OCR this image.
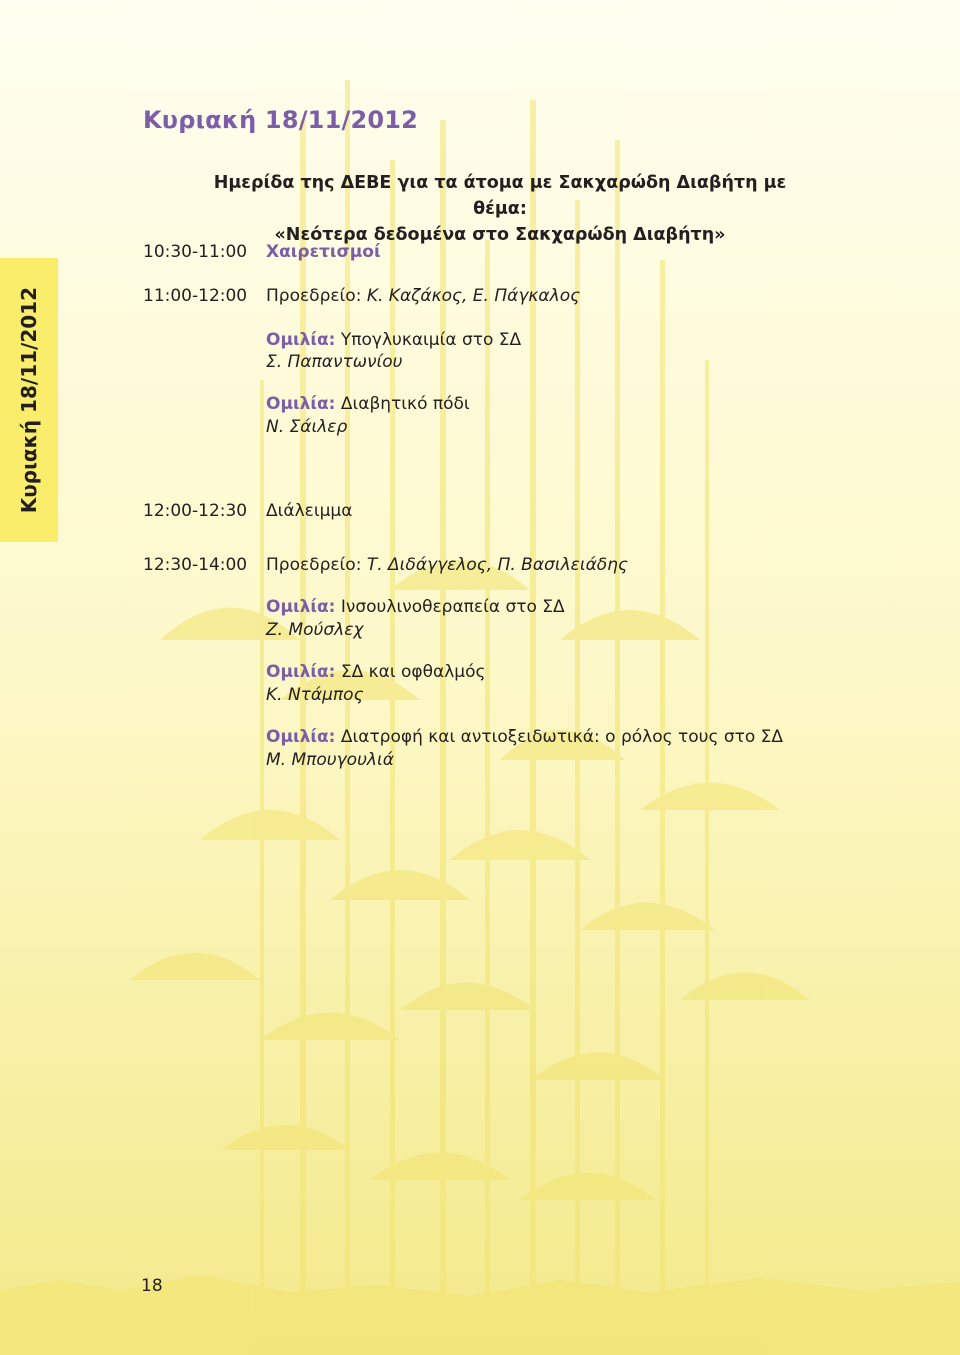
Κυριακή 18/11/2012
Ημερίδα της ΔΕΒΕ για τα άτομα με Σακχαρώδη Διαβήτη με θέμα:
«Νεότερα δεδομένα στο Σακχαρώδη Διαβήτη»
Κυριακή 18/11/2012
10:30-11:00 Χαιρετισμοί
11:00-12:00 Προεδρείο: Κ. Καζάκος, Ε. Πάγκαλος
Ομιλία: Υπογλυκαιμία στο ΣΔ
Σ. Παπαντωνίου
Ομιλία: Διαβητικό πόδι
Ν. Σάιλερ
12:00-12:30 Διάλειμμα
12:30-14:00 Προεδρείο: Τ. Διδάγγελος, Π. Βασιλειάδης
Ομιλία: Ινσουλινοθεραπεία στο ΣΔ
Ζ. Μούσλεχ
Ομιλία: ΣΔ και οφθαλμός
Κ. Ντάμπος
Ομιλία: Διατροφή και αντιοξειδωτικά: ο ρόλος τους στο ΣΔ
Μ. Μπουγουλιά
18
